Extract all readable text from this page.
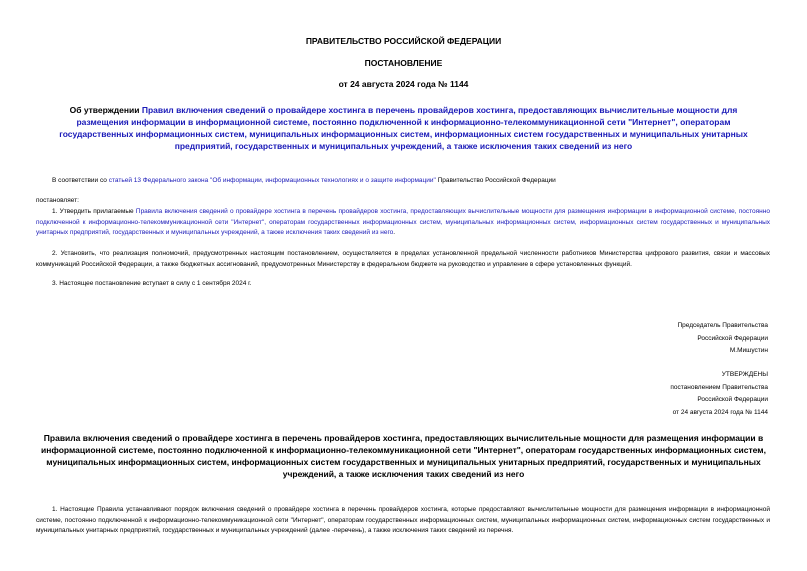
ПРАВИТЕЛЬСТВО РОССИЙСКОЙ ФЕДЕРАЦИИ
ПОСТАНОВЛЕНИЕ
от 24 августа 2024 года № 1144
Об утверждении Правил включения сведений о провайдере хостинга в перечень провайдеров хостинга, предоставляющих вычислительные мощности для размещения информации в информационной системе, постоянно подключенной к информационно-телекоммуникационной сети "Интернет", операторам государственных информационных систем, муниципальных информационных систем, информационных систем государственных и муниципальных унитарных предприятий, государственных и муниципальных учреждений, а также исключения таких сведений из него
В соответствии со статьей 13 Федерального закона "Об информации, информационных технологиях и о защите информации" Правительство Российской Федерации
постановляет:
1. Утвердить прилагаемые Правила включения сведений о провайдере хостинга в перечень провайдеров хостинга, предоставляющих вычислительные мощности для размещения информации в информационной системе, постоянно подключенной к информационно-телекоммуникационной сети "Интернет", операторам государственных информационных систем, муниципальных информационных систем, информационных систем государственных и муниципальных унитарных предприятий, государственных и муниципальных учреждений, а также исключения таких сведений из него.
2. Установить, что реализация полномочий, предусмотренных настоящим постановлением, осуществляется в пределах установленной предельной численности работников Министерства цифрового развития, связи и массовых коммуникаций Российской Федерации, а также бюджетных ассигнований, предусмотренных Министерству в федеральном бюджете на руководство и управление в сфере установленных функций.
3. Настоящее постановление вступает в силу с 1 сентября 2024 г.
Председатель Правительства
Российской Федерации
М.Мишустин
УТВЕРЖДЕНЫ
постановлением Правительства
Российской Федерации
от 24 августа 2024 года № 1144
Правила включения сведений о провайдере хостинга в перечень провайдеров хостинга, предоставляющих вычислительные мощности для размещения информации в информационной системе, постоянно подключенной к информационно-телекоммуникационной сети "Интернет", операторам государственных информационных систем, муниципальных информационных систем, информационных систем государственных и муниципальных унитарных предприятий, государственных и муниципальных учреждений, а также исключения таких сведений из него
1. Настоящие Правила устанавливают порядок включения сведений о провайдере хостинга в перечень провайдеров хостинга, которые предоставляют вычислительные мощности для размещения информации в информационной системе, постоянно подключенной к информационно-телекоммуникационной сети "Интернет", операторам государственных информационных систем, муниципальных информационных систем, информационных систем государственных и муниципальных унитарных предприятий, государственных и муниципальных учреждений (далее -перечень), а также исключения таких сведений из перечня.
